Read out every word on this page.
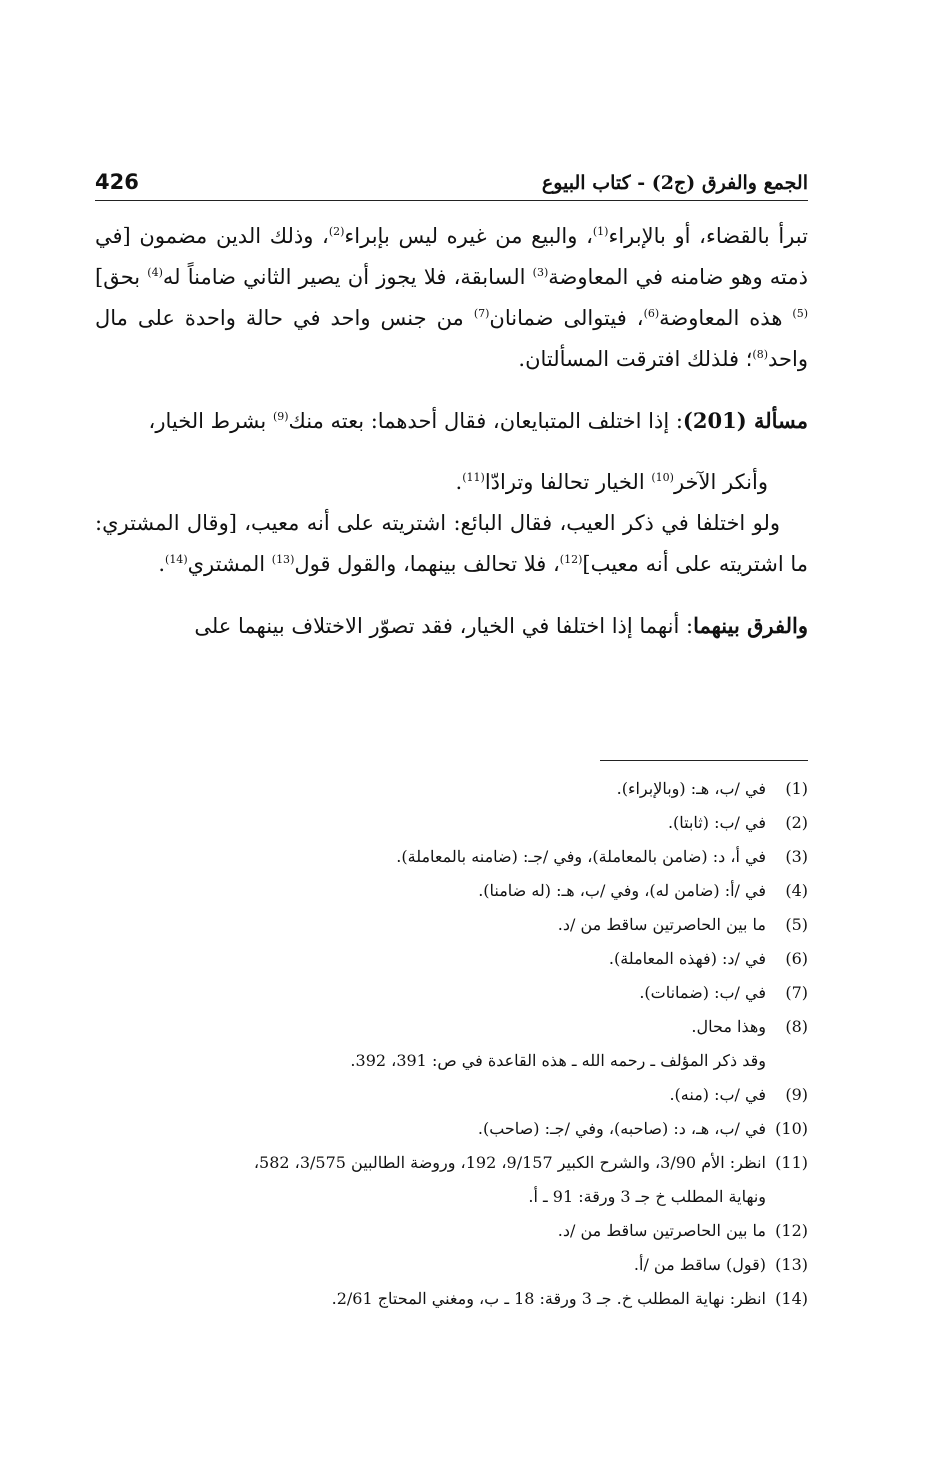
426	الجمع والفرق (ج2) - كتاب البيوع

تبرأ بالقضاء، أو بالإبراء$^{(1)}$، والبيع من غيره ليس بإبراء$^{(2)}$، وذلك الدين مضمون [في ذمته وهو ضامنه في المعاوضة$^{(3)}$ السابقة، فلا يجوز أن يصير الثاني ضامناً له$^{(4)}$ بحق]$^{(5)}$ هذه المعاوضة$^{(6)}$، فيتوالى ضمانان$^{(7)}$ من جنس واحد في حالة واحدة على مال واحد$^{(8)}$؛ فلذلك افترقت المسألتان.

مسألة (201): إذا اختلف المتبايعان، فقال أحدهما: بعته منك$^{(9)}$ بشرط الخيار،

وأنكر الآخر$^{(10)}$ الخيار تحالفا وترادّا$^{(11)}$.

ولو اختلفا في ذكر العيب، فقال البائع: اشتريته على أنه معيب، [وقال المشتري: ما اشتريته على أنه معيب]$^{(12)}$، فلا تحالف بينهما، والقول قول$^{(13)}$ المشتري$^{(14)}$.

والفرق بينهما: أنهما إذا اختلفا في الخيار، فقد تصوّر الاختلاف بينهما على

(1)
في /ب، هـ: (وبالإبراء).
(2)
في /ب: (ثابتا).
(3)
في أ، د: (ضامن بالمعاملة)، وفي /جـ: (ضامنه بالمعاملة).
(4)
في /أ: (ضامن له)، وفي /ب، هـ: (له ضامنا).
(5)
ما بين الحاصرتين ساقط من /د.
(6)
في /د: (فهذه المعاملة).
(7)
في /ب: (ضمانات).
(8)
وهذا محال.
وقد ذكر المؤلف ـ رحمه الله ـ هذه القاعدة في ص: 391، 392.
(9)
في /ب: (منه).
(10)
في /ب، هـ، د: (صاحبه)، وفي /جـ: (صاحب).
(11)
انظر: الأم 3/90، والشرح الكبير 9/157، 192، وروضة الطالبين 3/575، 582،
ونهاية المطلب خ جـ 3 ورقة: 91 ـ أ.
(12)
ما بين الحاصرتين ساقط من /د.
(13)
(قول) ساقط من /أ.
(14)
انظر: نهاية المطلب خ. جـ 3 ورقة: 18 ـ ب، ومغني المحتاج 2/61.
